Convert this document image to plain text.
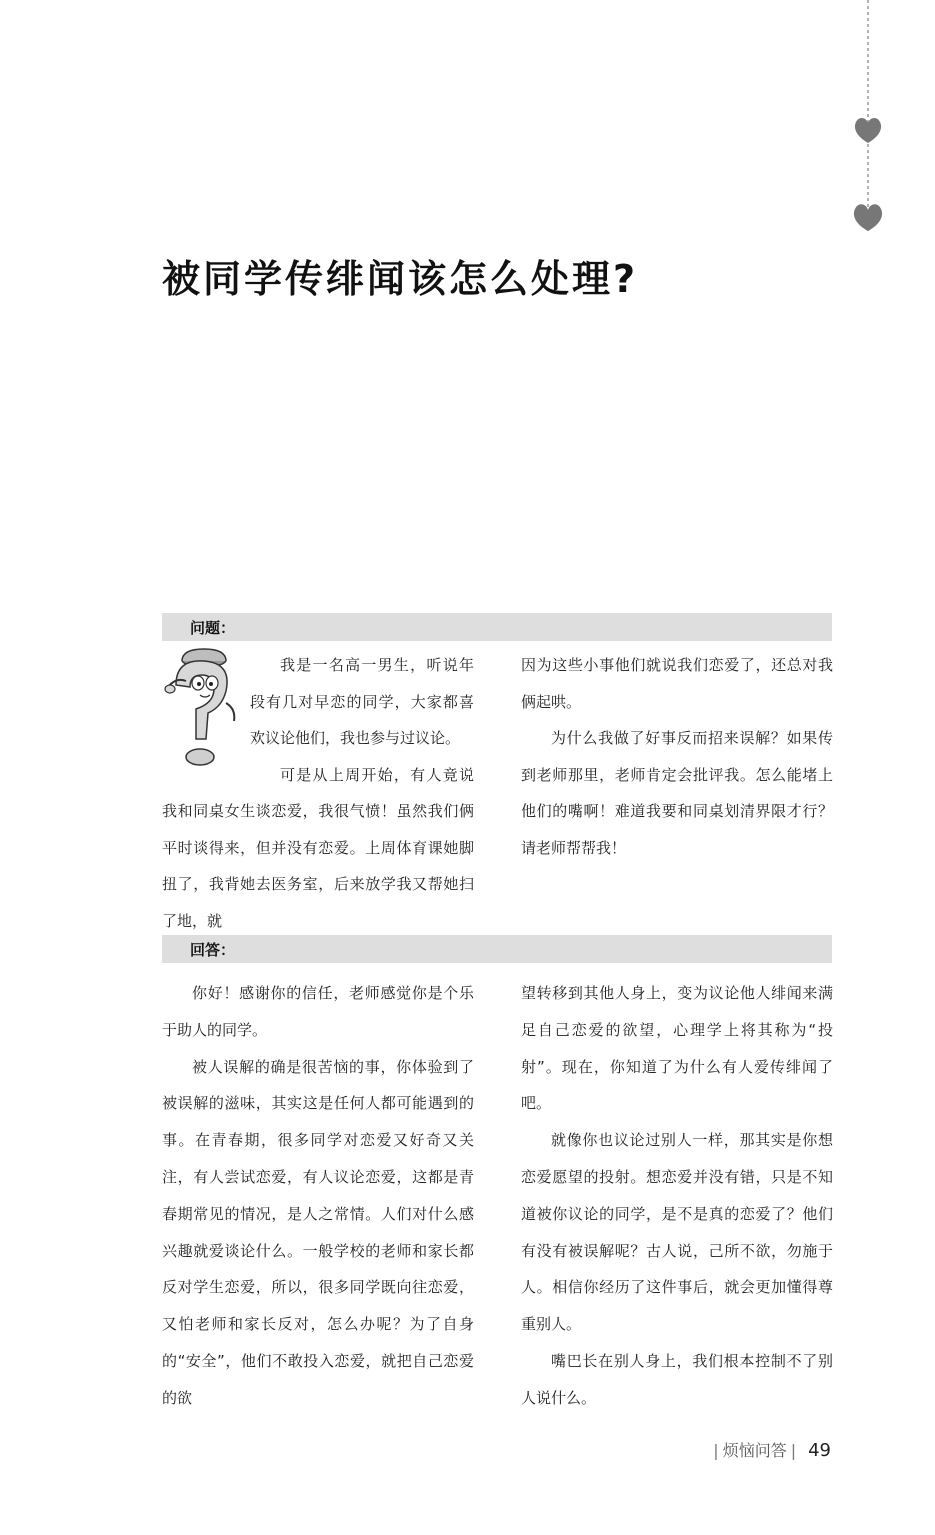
被同学传绯闻该怎么处理?
问题：

我是一名高一男生，听说年段有几对早恋的同学，大家都喜欢议论他们，我也参与过议论。

可是从上周开始，有人竟说我和同桌女生谈恋爱，我很气愤！虽然我们俩平时谈得来，但并没有恋爱。上周体育课她脚扭了，我背她去医务室，后来放学我又帮她扫了地，就

因为这些小事他们就说我们恋爱了，还总对我俩起哄。

为什么我做了好事反而招来误解？如果传到老师那里，老师肯定会批评我。怎么能堵上他们的嘴啊！难道我要和同桌划清界限才行？请老师帮帮我！

回答：

你好！感谢你的信任，老师感觉你是个乐于助人的同学。

被人误解的确是很苦恼的事，你体验到了被误解的滋味，其实这是任何人都可能遇到的事。在青春期，很多同学对恋爱又好奇又关注，有人尝试恋爱，有人议论恋爱，这都是青春期常见的情况，是人之常情。人们对什么感兴趣就爱谈论什么。一般学校的老师和家长都反对学生恋爱，所以，很多同学既向往恋爱，又怕老师和家长反对，怎么办呢？为了自身的“安全”，他们不敢投入恋爱，就把自己恋爱的欲

望转移到其他人身上，变为议论他人绯闻来满足自己恋爱的欲望，心理学上将其称为“投射”。现在，你知道了为什么有人爱传绯闻了吧。

就像你也议论过别人一样，那其实是你想恋爱愿望的投射。想恋爱并没有错，只是不知道被你议论的同学，是不是真的恋爱了？他们有没有被误解呢？古人说，己所不欲，勿施于人。相信你经历了这件事后，就会更加懂得尊重别人。

嘴巴长在别人身上，我们根本控制不了别人说什么。

| 烦恼问答 | 49
